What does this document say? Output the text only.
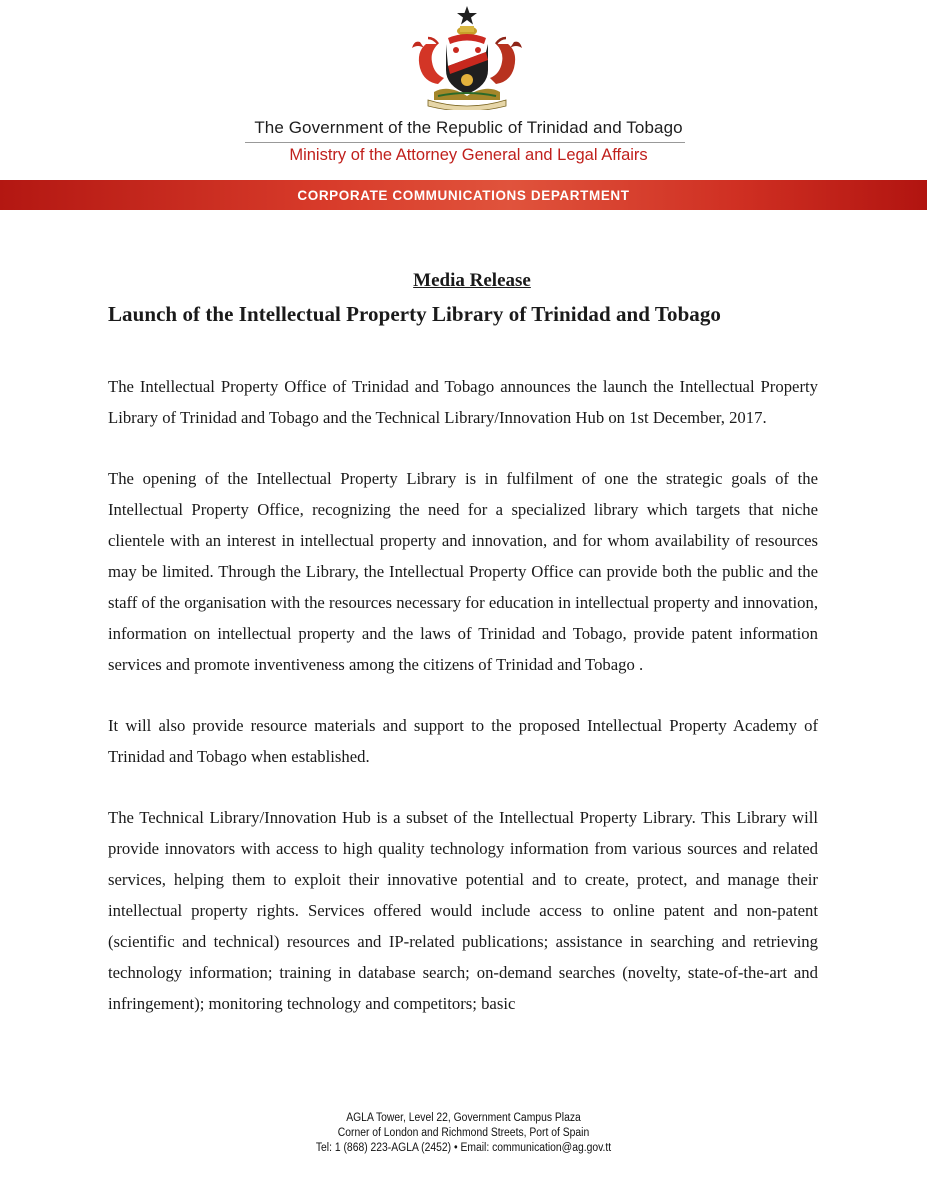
The Government of the Republic of Trinidad and Tobago
Ministry of the Attorney General and Legal Affairs
CORPORATE COMMUNICATIONS DEPARTMENT
Media Release
Launch of the Intellectual Property Library of Trinidad and Tobago

The Intellectual Property Office of Trinidad and Tobago announces the launch the Intellectual Property Library of Trinidad and Tobago and the Technical Library/Innovation Hub on 1st December, 2017.

The opening of the Intellectual Property Library is in fulfilment of one the strategic goals of the Intellectual Property Office, recognizing the need for a specialized library which targets that niche clientele with an interest in intellectual property and innovation, and for whom availability of resources may be limited. Through the Library, the Intellectual Property Office can provide both the public and the staff of the organisation with the resources necessary for education in intellectual property and innovation, information on intellectual property and the laws of Trinidad and Tobago, provide patent information services and promote inventiveness among the citizens of Trinidad and Tobago .

It will also provide resource materials and support to the proposed Intellectual Property Academy of Trinidad and Tobago when established.

The Technical Library/Innovation Hub is a subset of the Intellectual Property Library. This Library will provide innovators with access to high quality technology information from various sources and related services, helping them to exploit their innovative potential and to create, protect, and manage their intellectual property rights. Services offered would include access to online patent and non-patent (scientific and technical) resources and IP-related publications; assistance in searching and retrieving technology information; training in database search; on-demand searches (novelty, state-of-the-art and infringement); monitoring technology and competitors; basic

AGLA Tower, Level 22, Government Campus Plaza
Corner of London and Richmond Streets, Port of Spain
Tel: 1 (868) 223-AGLA (2452) • Email: communication@ag.gov.tt
